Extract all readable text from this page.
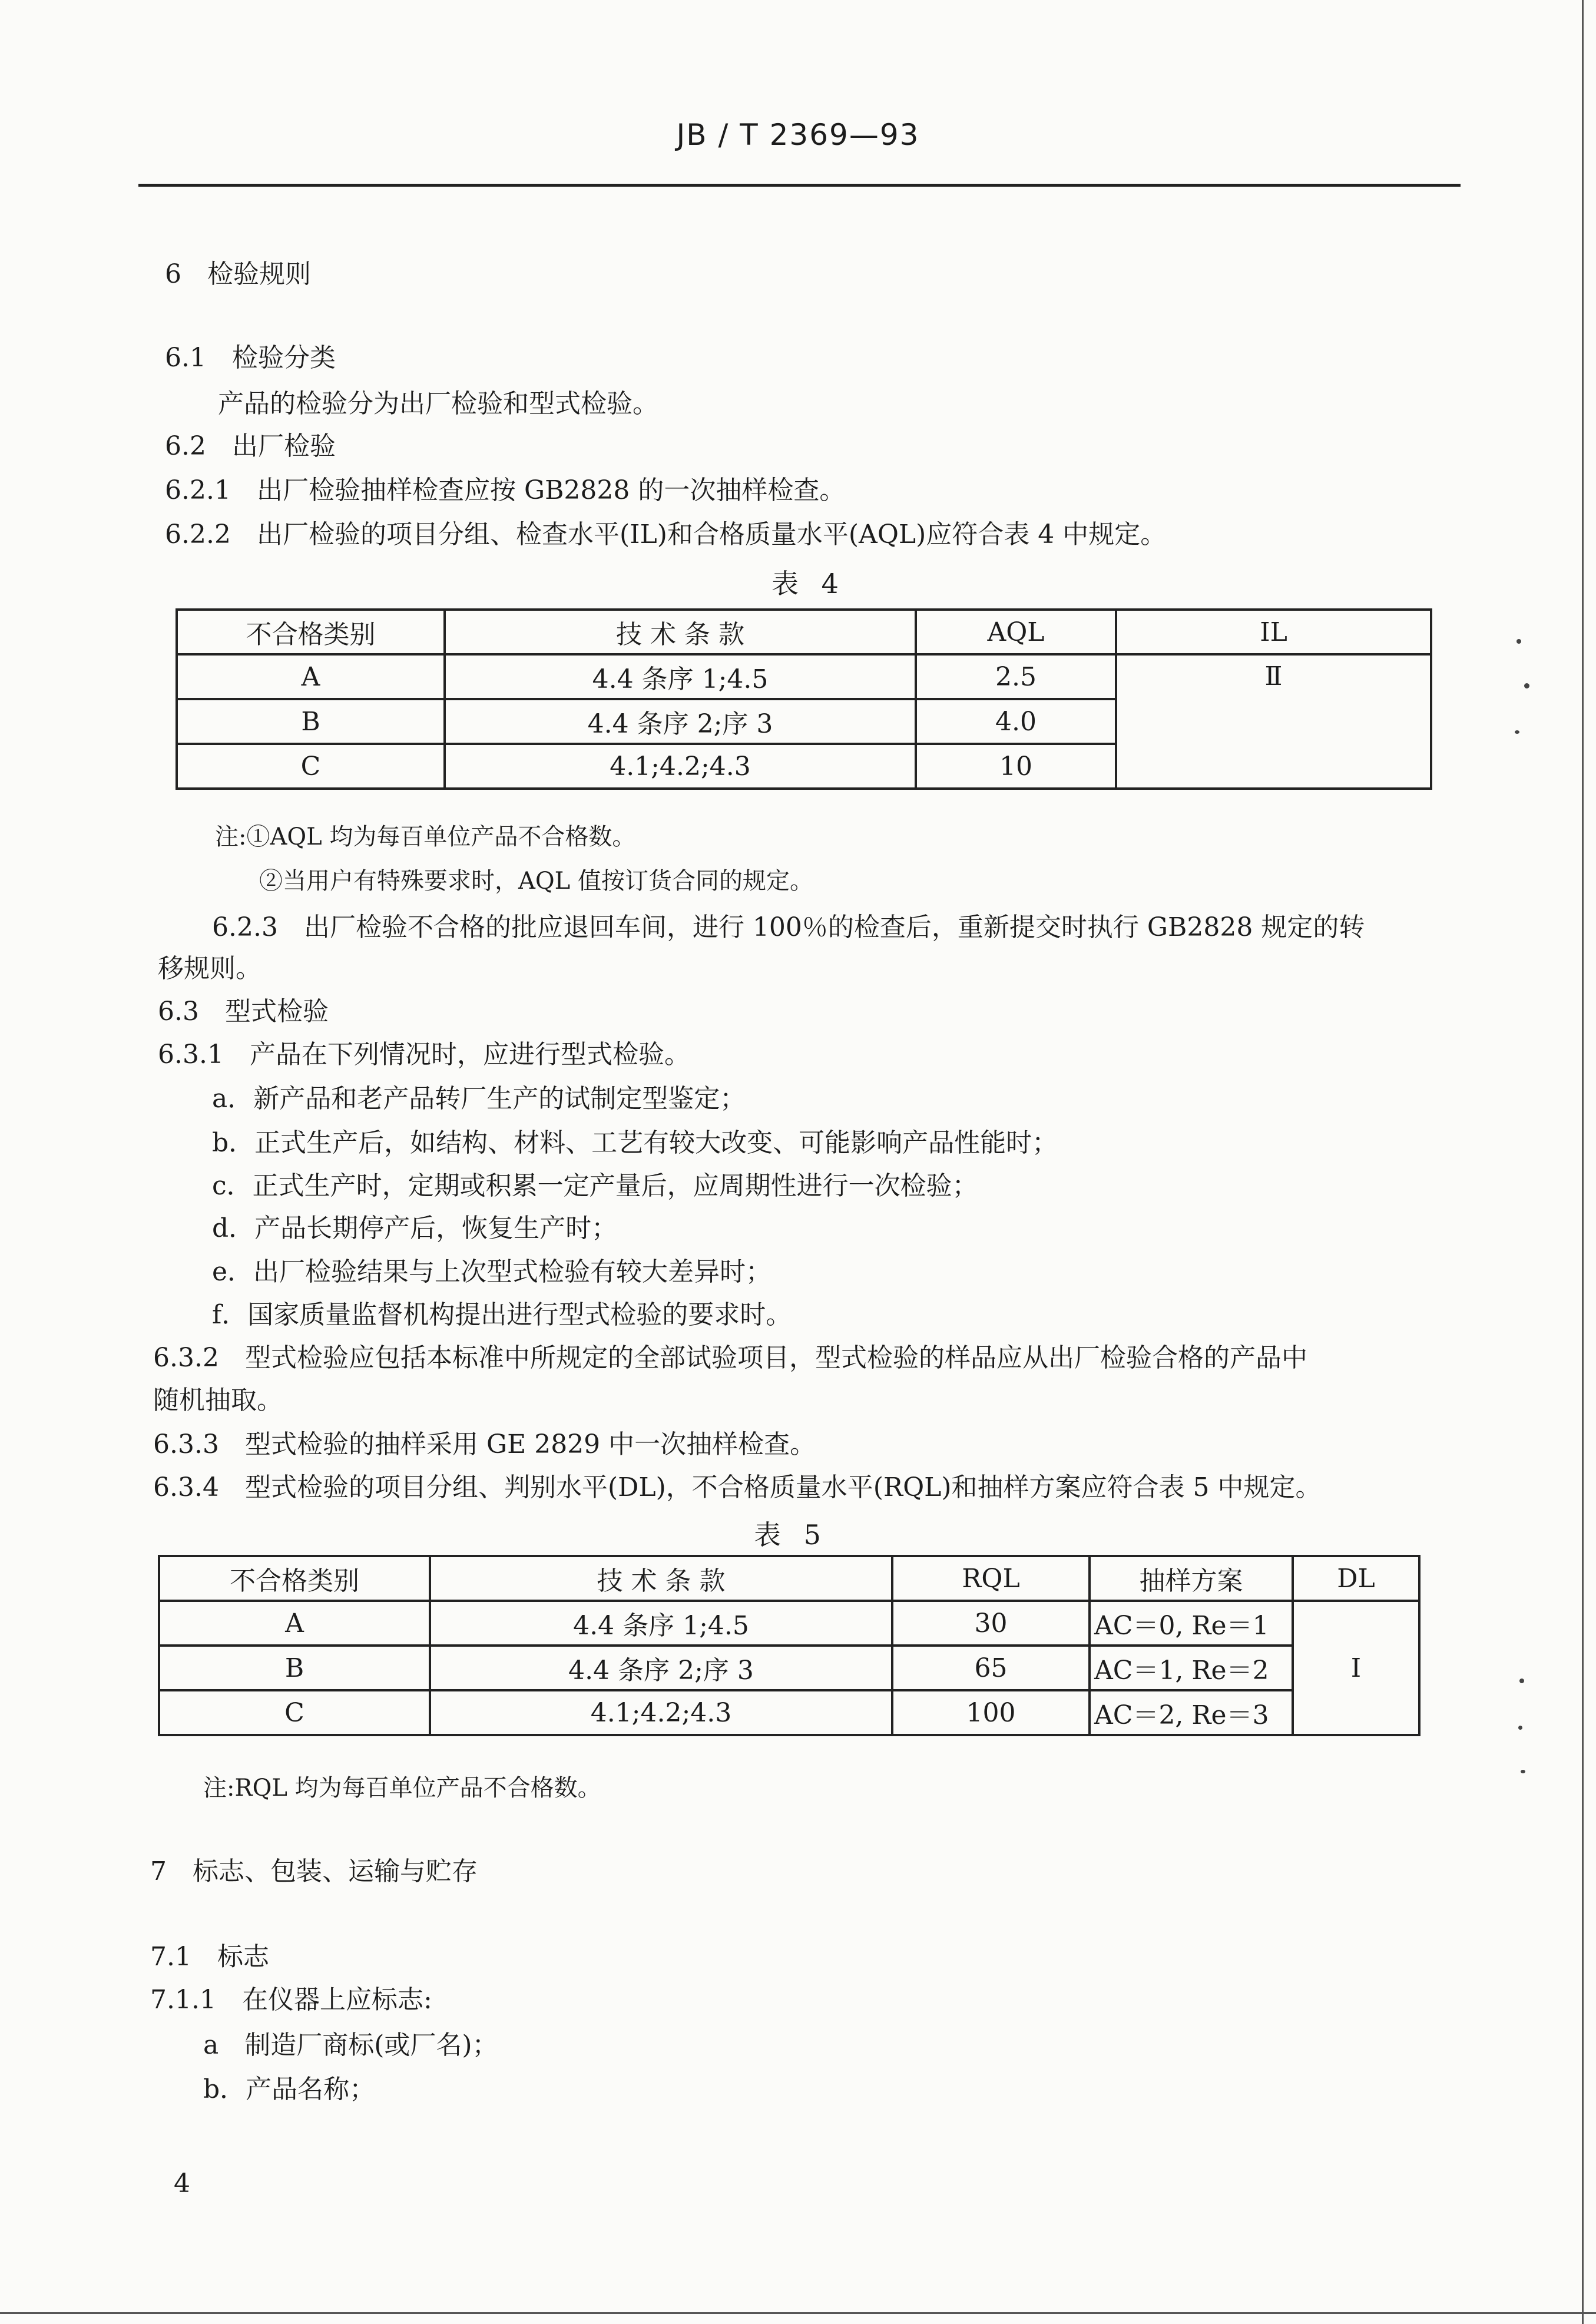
JB / T 2369—93
6　检验规则
6.1　检验分类
产品的检验分为出厂检验和型式检验。
6.2　出厂检验
6.2.1　出厂检验抽样检查应按 GB2828 的一次抽样检查。
6.2.2　出厂检验的项目分组、检查水平(IL)和合格质量水平(AQL)应符合表 4 中规定。
表 4
不合格类别	技 术 条 款	AQL	IL
A	4.4 条序 1;4.5	2.5	Ⅱ
B	4.4 条序 2;序 3	4.0	
C	4.1;4.2;4.3	10	
注:①AQL 均为每百单位产品不合格数。
②当用户有特殊要求时，AQL 值按订货合同的规定。
6.2.3　出厂检验不合格的批应退回车间，进行 100％的检查后，重新提交时执行 GB2828 规定的转
移规则。
6.3　型式检验
6.3.1　产品在下列情况时，应进行型式检验。
a．新产品和老产品转厂生产的试制定型鉴定；
b．正式生产后，如结构、材料、工艺有较大改变、可能影响产品性能时；
c．正式生产时，定期或积累一定产量后，应周期性进行一次检验；
d．产品长期停产后，恢复生产时；
e．出厂检验结果与上次型式检验有较大差异时；
f．国家质量监督机构提出进行型式检验的要求时。
6.3.2　型式检验应包括本标准中所规定的全部试验项目，型式检验的样品应从出厂检验合格的产品中
随机抽取。
6.3.3　型式检验的抽样采用 GE 2829 中一次抽样检查。
6.3.4　型式检验的项目分组、判别水平(DL)，不合格质量水平(RQL)和抽样方案应符合表 5 中规定。
表 5
不合格类别	技 术 条 款	RQL	抽样方案	DL
A	4.4 条序 1;4.5	30	AC＝0, Re＝1	Ⅰ
B	4.4 条序 2;序 3	65	AC＝1, Re＝2	
C	4.1;4.2;4.3	100	AC＝2, Re＝3	
注:RQL 均为每百单位产品不合格数。
7　标志、包装、运输与贮存
7.1　标志
7.1.1　在仪器上应标志:
a　制造厂商标(或厂名)；
b．产品名称；
4
